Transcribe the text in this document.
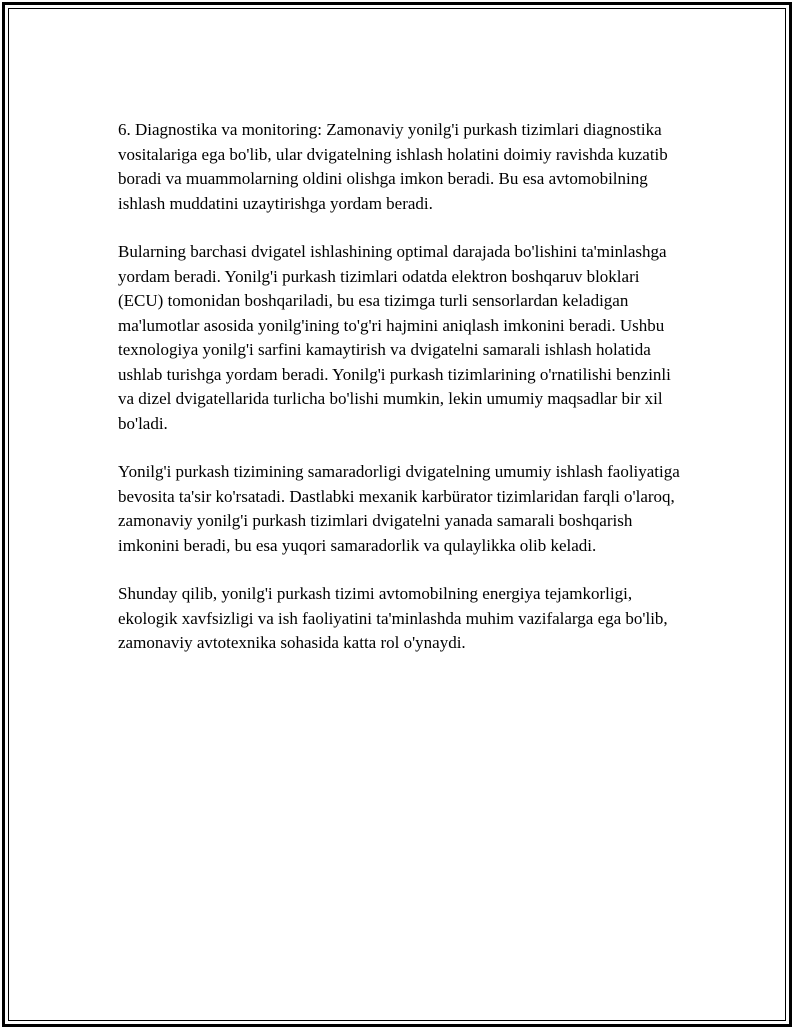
6. Diagnostika va monitoring: Zamonaviy yonilg'i purkash tizimlari diagnostika vositalariga ega bo'lib, ular dvigatelning ishlash holatini doimiy ravishda kuzatib boradi va muammolarning oldini olishga imkon beradi. Bu esa avtomobilning ishlash muddatini uzaytirishga yordam beradi.

Bularning barchasi dvigatel ishlashining optimal darajada bo'lishini ta'minlashga yordam beradi. Yonilg'i purkash tizimlari odatda elektron boshqaruv bloklari (ECU) tomonidan boshqariladi, bu esa tizimga turli sensorlardan keladigan ma'lumotlar asosida yonilg'ining to'g'ri hajmini aniqlash imkonini beradi. Ushbu texnologiya yonilg'i sarfini kamaytirish va dvigatelni samarali ishlash holatida ushlab turishga yordam beradi. Yonilg'i purkash tizimlarining o'rnatilishi benzinli va dizel dvigatellarida turlicha bo'lishi mumkin, lekin umumiy maqsadlar bir xil bo'ladi.

Yonilg'i purkash tizimining samaradorligi dvigatelning umumiy ishlash faoliyatiga bevosita ta'sir ko'rsatadi. Dastlabki mexanik karbürator tizimlaridan farqli o'laroq, zamonaviy yonilg'i purkash tizimlari dvigatelni yanada samarali boshqarish imkonini beradi, bu esa yuqori samaradorlik va qulaylikka olib keladi.

Shunday qilib, yonilg'i purkash tizimi avtomobilning energiya tejamkorligi, ekologik xavfsizligi va ish faoliyatini ta'minlashda muhim vazifalarga ega bo'lib, zamonaviy avtotexnika sohasida katta rol o'ynaydi.
